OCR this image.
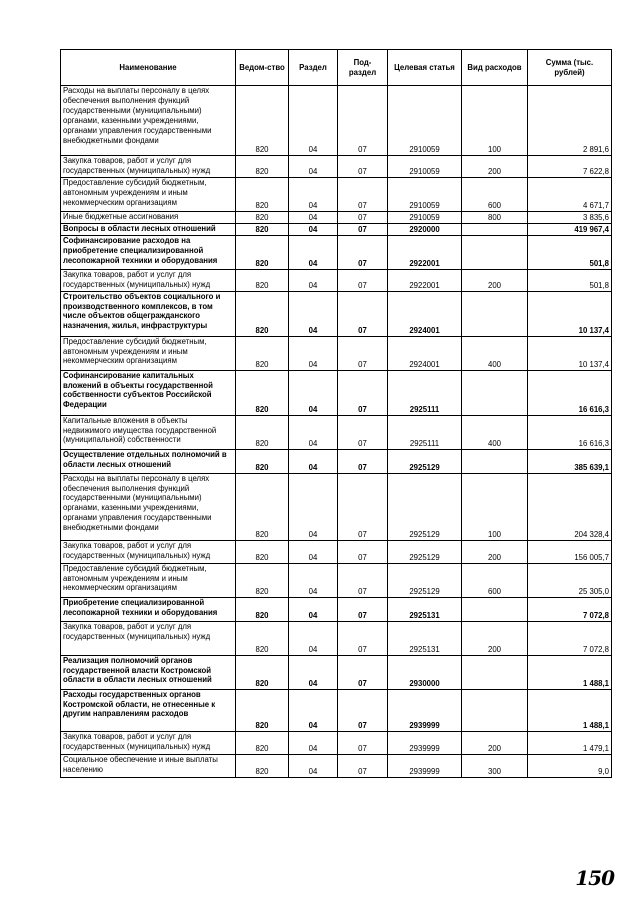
Наименование	Ведом-ство	Раздел	Под-раздел	Целевая статья	Вид расходов	Сумма (тыс. рублей)
Расходы на выплаты персоналу в целях обеспечения выполнения функций государственными (муниципальными) органами, казенными учреждениями, органами управления государственными внебюджетными фондами	820	04	07	2910059	100	2 891,6
Закупка товаров, работ и услуг для государственных (муниципальных) нужд	820	04	07	2910059	200	7 622,8
Предоставление субсидий бюджетным, автономным учреждениям и иным некоммерческим организациям	820	04	07	2910059	600	4 671,7
Иные бюджетные ассигнования	820	04	07	2910059	800	3 835,6
Вопросы в области лесных отношений	820	04	07	2920000		419 967,4
Софинансирование расходов на приобретение специализированной лесопожарной техники и оборудования	820	04	07	2922001		501,8
Закупка товаров, работ и услуг для государственных (муниципальных) нужд	820	04	07	2922001	200	501,8
Строительство объектов социального и производственного комплексов, в том числе объектов общегражданского назначения, жилья, инфраструктуры	820	04	07	2924001		10 137,4
Предоставление субсидий бюджетным, автономным учреждениям и иным некоммерческим организациям	820	04	07	2924001	400	10 137,4
Софинансирование капитальных вложений в объекты государственной собственности субъектов Российской Федерации	820	04	07	2925111		16 616,3
Капитальные вложения в объекты недвижимого имущества государственной (муниципальной) собственности	820	04	07	2925111	400	16 616,3
Осуществление отдельных полномочий в области лесных отношений	820	04	07	2925129		385 639,1
Расходы на выплаты персоналу в целях обеспечения выполнения функций государственными (муниципальными) органами, казенными учреждениями, органами управления государственными внебюджетными фондами	820	04	07	2925129	100	204 328,4
Закупка товаров, работ и услуг для государственных (муниципальных) нужд	820	04	07	2925129	200	156 005,7
Предоставление субсидий бюджетным, автономным учреждениям и иным некоммерческим организациям	820	04	07	2925129	600	25 305,0
Приобретение специализированной лесопожарной техники и оборудования	820	04	07	2925131		7 072,8
Закупка товаров, работ и услуг для государственных (муниципальных) нужд	820	04	07	2925131	200	7 072,8
Реализация полномочий органов государственной власти Костромской области в области лесных отношений	820	04	07	2930000		1 488,1
Расходы государственных органов Костромской области, не отнесенные к другим направлениям расходов	820	04	07	2939999		1 488,1
Закупка товаров, работ и услуг для государственных (муниципальных) нужд	820	04	07	2939999	200	1 479,1
Социальное обеспечение и иные выплаты населению	820	04	07	2939999	300	9,0
150
